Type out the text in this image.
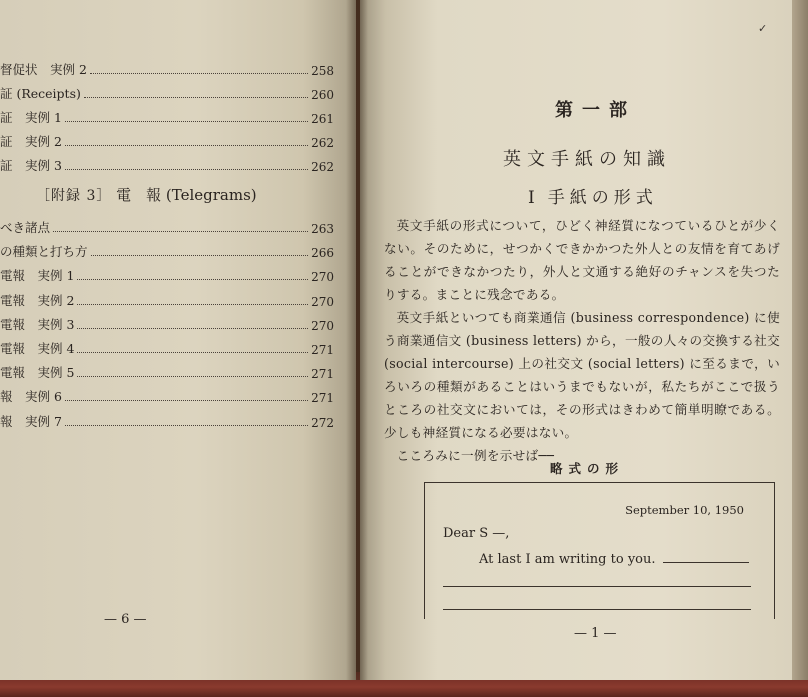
督促状　実例 2	258
証 (Receipts)	260
証　実例 1	261
証　実例 2	262
証　実例 3	262
［附録 3］ 電　報 (Telegrams)
べき諸点	263
の種類と打ち方	266
電報　実例 1	270
電報　実例 2	270
電報　実例 3	270
電報　実例 4	271
電報　実例 5	271
報　実例 6	271
報　実例 7	272
— 6 —
✓
第一部
英文手紙の知識
I 手紙の形式

英文手紙の形式について，ひどく神経質になつているひとが少くない。そのために，せつかくできかかつた外人との友情を育てあげることができなかつたり，外人と文通する絶好のチャンスを失つたりする。まことに残念である。

英文手紙といつても商業通信 (business correspondence) に使う商業通信文 (business letters) から，一般の人々の交換する社交 (social intercourse) 上の社交文 (social letters) に至るまで，いろいろの種類があることはいうまでもないが，私たちがここで扱うところの社交文においては，その形式はきわめて簡単明瞭である。少しも神経質になる必要はない。

こころみに一例を示せば──

略式の形
September 10, 1950
Dear S —,
At last I am writing to you.
— 1 —
